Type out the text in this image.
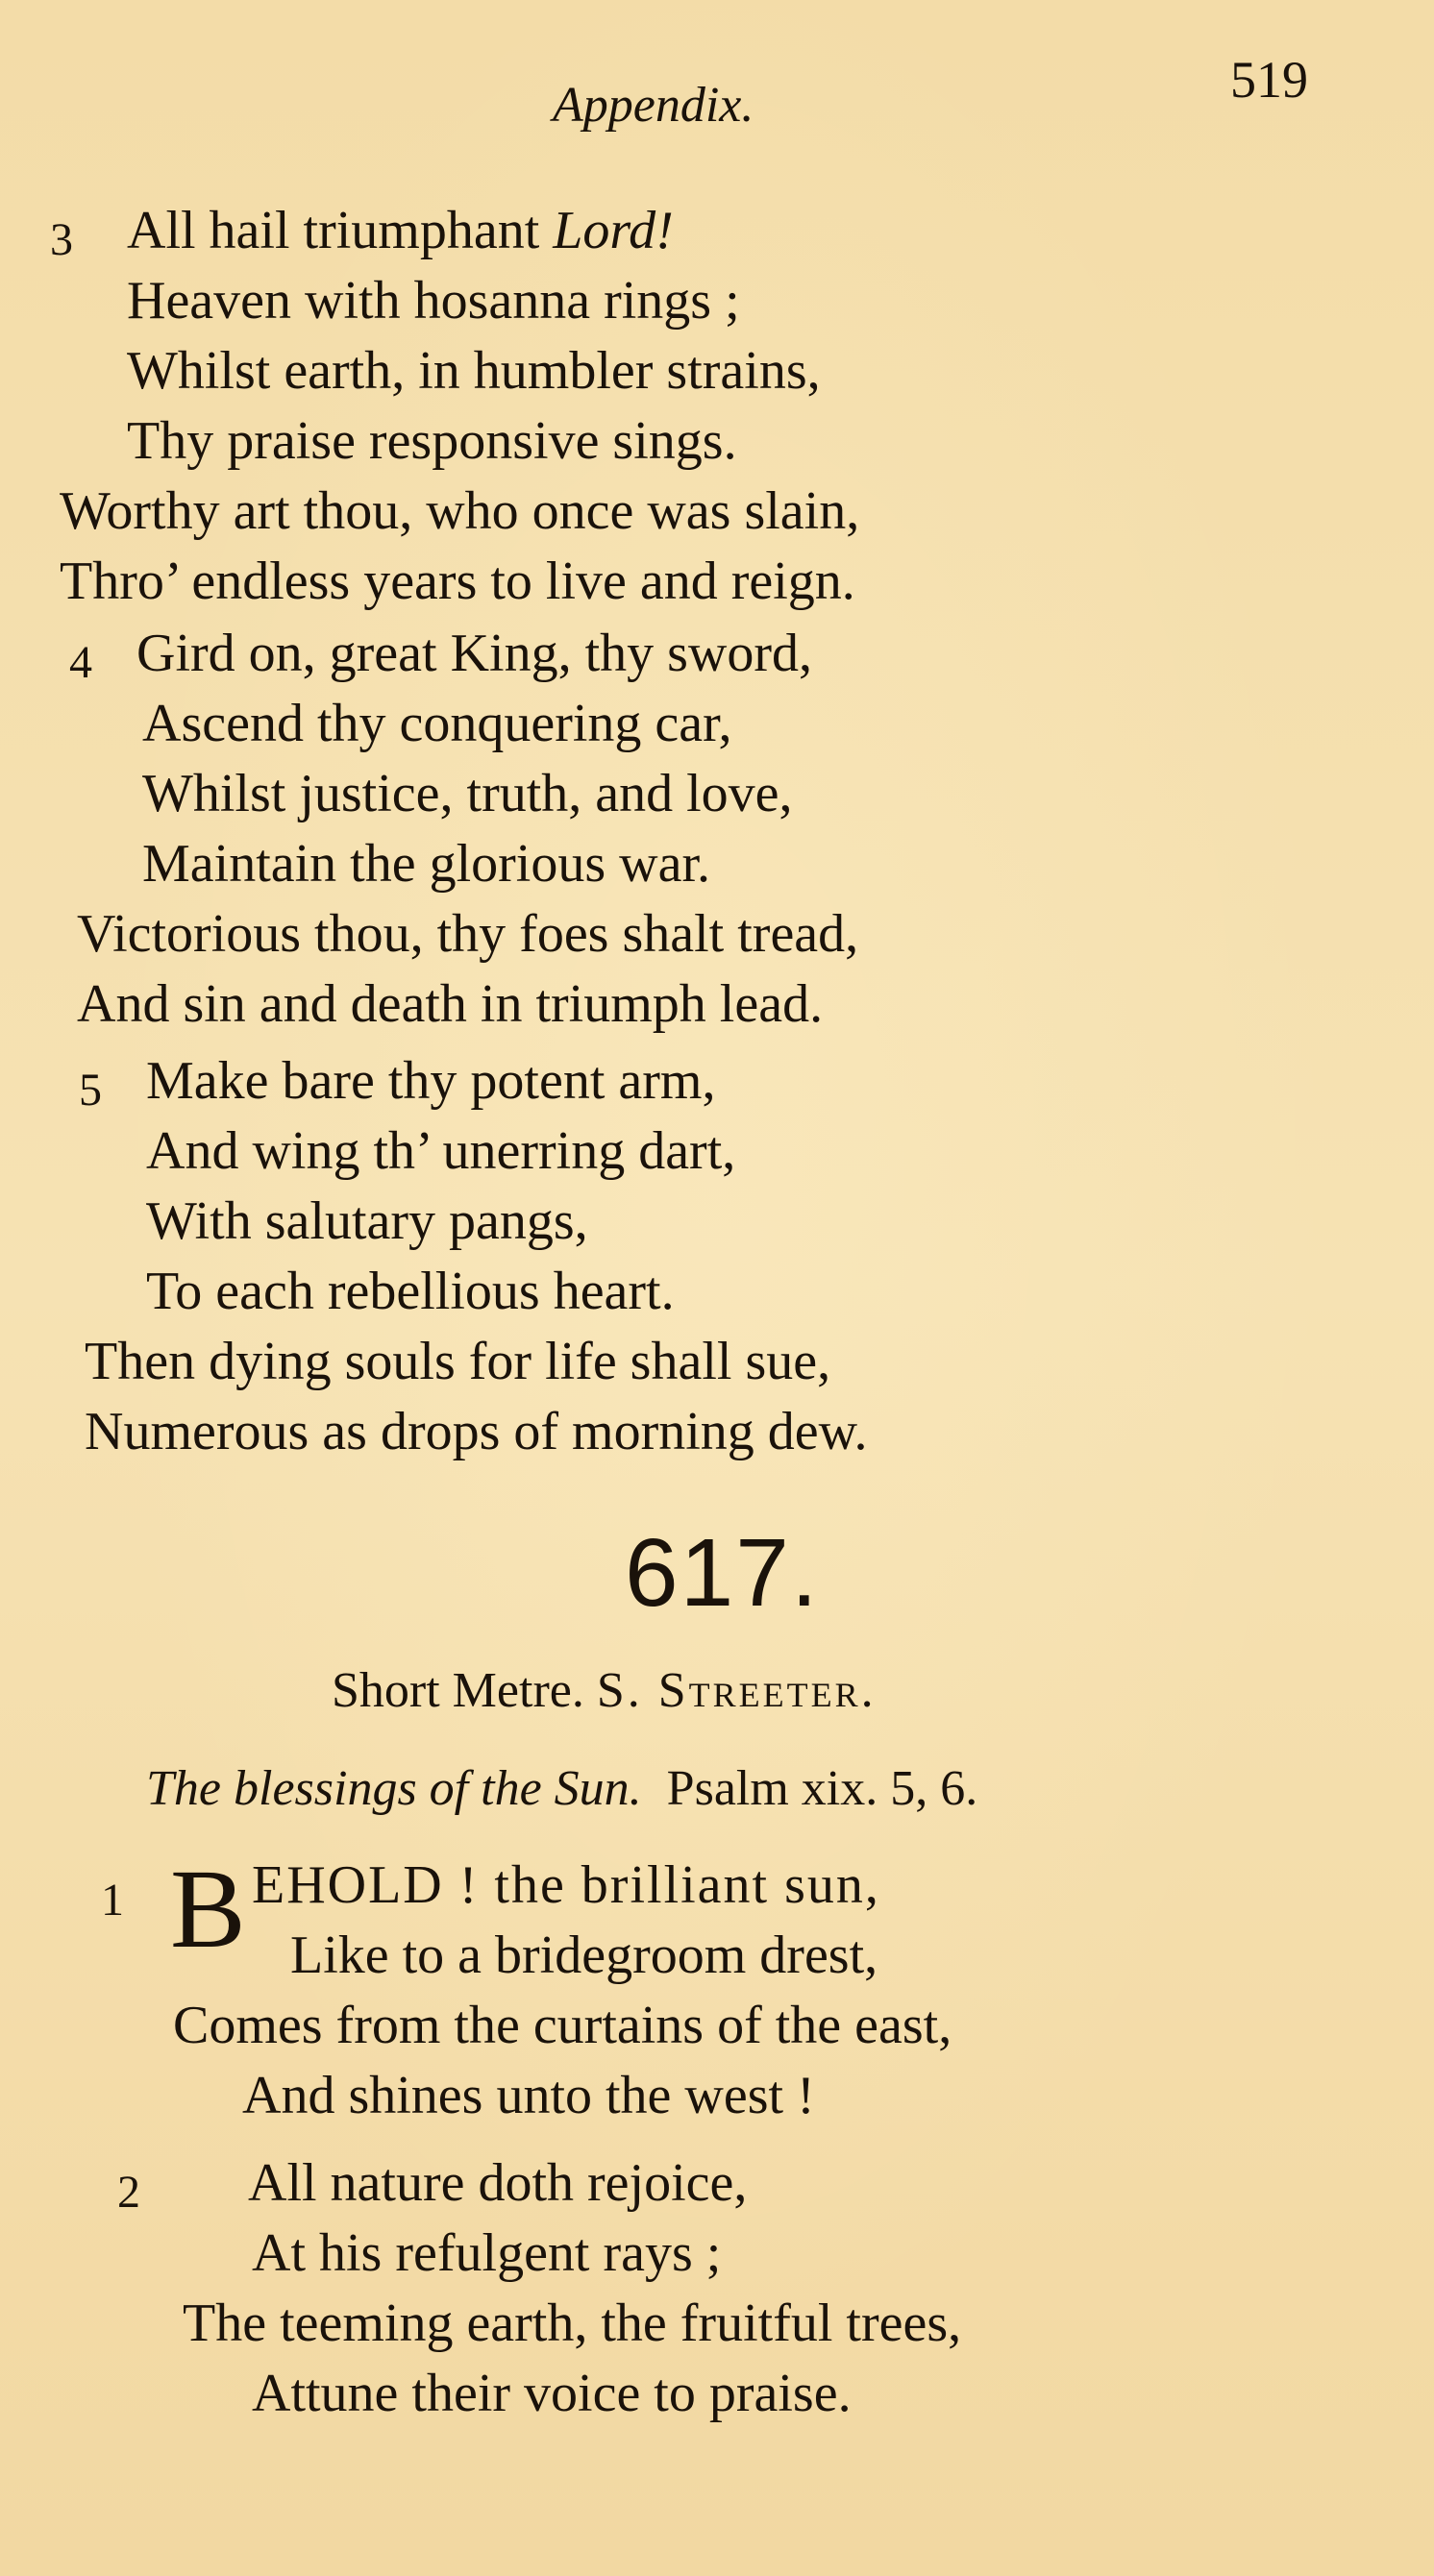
Appendix.	519
3 All hail triumphant Lord!
Heaven with hosanna rings ;
Whilst earth, in humbler strains,
Thy praise responsive sings.
Worthy art thou, who once was slain,
Thro’ endless years to live and reign.
4 Gird on, great King, thy sword,
Ascend thy conquering car,
Whilst justice, truth, and love,
Maintain the glorious war.
Victorious thou, thy foes shalt tread,
And sin and death in triumph lead.
5 Make bare thy potent arm,
And wing th’ unerring dart,
With salutary pangs,
To each rebellious heart.
Then dying souls for life shall sue,
Numerous as drops of morning dew.
617.
Short Metre. S. Streeter.
The blessings of the Sun. Psalm xix. 5, 6.
1 B EHOLD ! the brilliant sun,
Like to a bridegroom drest,
Comes from the curtains of the east,
And shines unto the west !
2 All nature doth rejoice,
At his refulgent rays ;
The teeming earth, the fruitful trees,
Attune their voice to praise.
